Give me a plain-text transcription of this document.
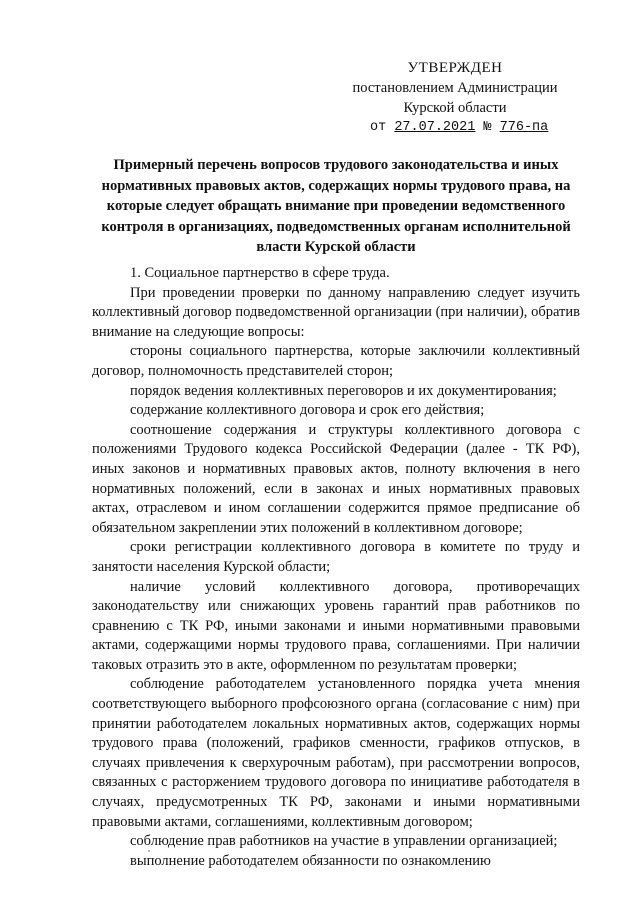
УТВЕРЖДЕН
постановлением Администрации
Курской области
от 27.07.2021 № 776-па
Примерный перечень вопросов трудового законодательства и иных нормативных правовых актов, содержащих нормы трудового права, на которые следует обращать внимание при проведении ведомственного контроля в организациях, подведомственных органам исполнительной власти Курской области

1. Социальное партнерство в сфере труда.

При проведении проверки по данному направлению следует изучить коллективный договор подведомственной организации (при наличии), обратив внимание на следующие вопросы:

стороны социального партнерства, которые заключили коллективный договор, полномочность представителей сторон;

порядок ведения коллективных переговоров и их документирования;

содержание коллективного договора и срок его действия;

соотношение содержания и структуры коллективного договора с положениями Трудового кодекса Российской Федерации (далее - ТК РФ), иных законов и нормативных правовых актов, полноту включения в него нормативных положений, если в законах и иных нормативных правовых актах, отраслевом и ином соглашении содержится прямое предписание об обязательном закреплении этих положений в коллективном договоре;

сроки регистрации коллективного договора в комитете по труду и занятости населения Курской области;

наличие условий коллективного договора, противоречащих законодательству или снижающих уровень гарантий прав работников по сравнению с ТК РФ, иными законами и иными нормативными правовыми актами, содержащими нормы трудового права, соглашениями. При наличии таковых отразить это в акте, оформленном по результатам проверки;

соблюдение работодателем установленного порядка учета мнения соответствующего выборного профсоюзного органа (согласование с ним) при принятии работодателем локальных нормативных актов, содержащих нормы трудового права (положений, графиков сменности, графиков отпусков, в случаях привлечения к сверхурочным работам), при рассмотрении вопросов, связанных с расторжением трудового договора по инициативе работодателя в случаях, предусмотренных ТК РФ, законами и иными нормативными правовыми актами, соглашениями, коллективным договором;

соблюдение прав работников на участие в управлении организацией;

выполнение работодателем обязанности по ознакомлению
